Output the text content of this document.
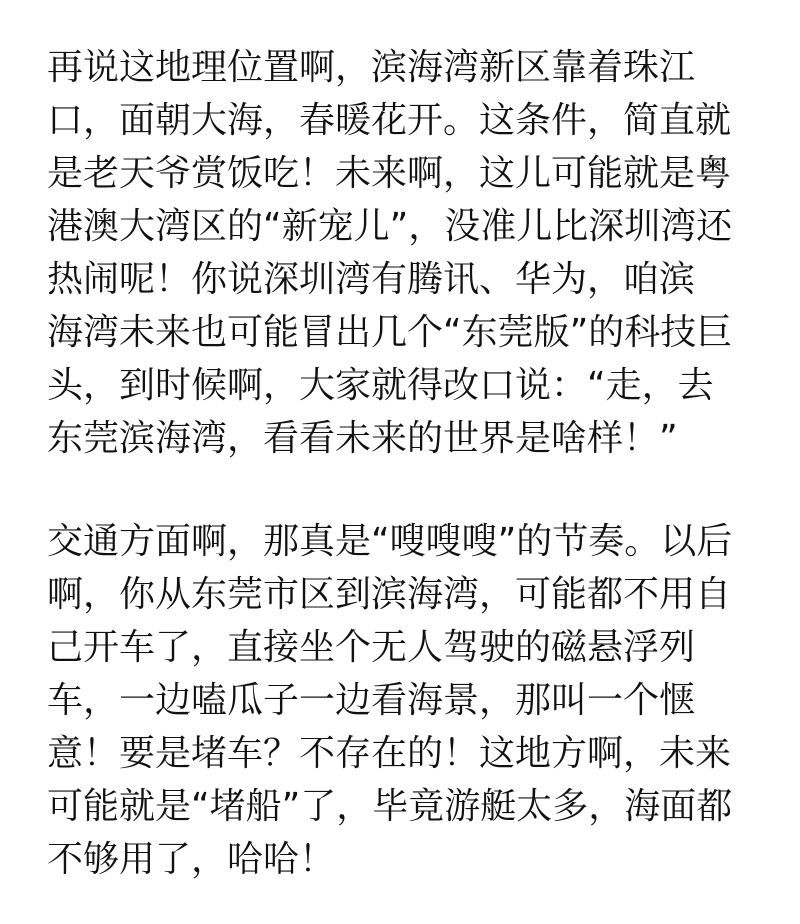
再说这地理位置啊，滨海湾新区靠着珠江
口，面朝大海，春暖花开。这条件，简直就
是老天爷赏饭吃！未来啊，这儿可能就是粤
港澳大湾区的“新宠儿”，没准儿比深圳湾还
热闹呢！你说深圳湾有腾讯、华为，咱滨
海湾未来也可能冒出几个“东莞版”的科技巨
头，到时候啊，大家就得改口说：“走，去
东莞滨海湾，看看未来的世界是啥样！”

交通方面啊，那真是“嗖嗖嗖”的节奏。以后
啊，你从东莞市区到滨海湾，可能都不用自
己开车了，直接坐个无人驾驶的磁悬浮列
车，一边嗑瓜子一边看海景，那叫一个惬
意！要是堵车？不存在的！这地方啊，未来
可能就是“堵船”了，毕竟游艇太多，海面都
不够用了，哈哈！
